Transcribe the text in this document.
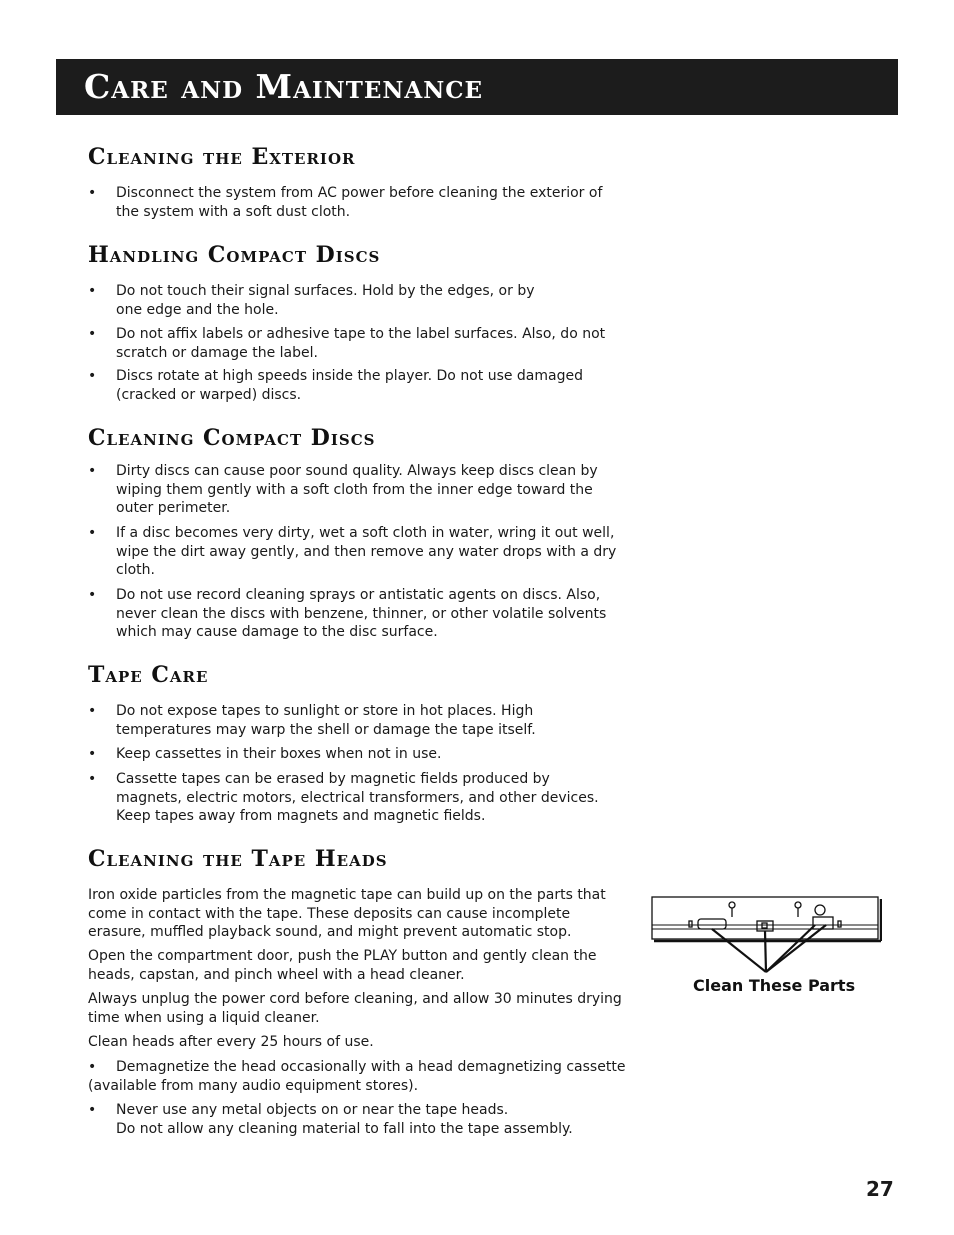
Care and Maintenance
Cleaning the Exterior
• Disconnect the system from AC power before cleaning the exterior of the system with a soft dust cloth.
Handling Compact Discs
• Do not touch their signal surfaces. Hold by the edges, or by one edge and the hole.
• Do not affix labels or adhesive tape to the label surfaces. Also, do not scratch or damage the label.
• Discs rotate at high speeds inside the player. Do not use damaged (cracked or warped) discs.
Cleaning Compact Discs
• Dirty discs can cause poor sound quality. Always keep discs clean by wiping them gently with a soft cloth from the inner edge toward the outer perimeter.
• If a disc becomes very dirty, wet a soft cloth in water, wring it out well, wipe the dirt away gently, and then remove any water drops with a dry cloth.
• Do not use record cleaning sprays or antistatic agents on discs. Also, never clean the discs with benzene, thinner, or other volatile solvents which may cause damage to the disc surface.
Tape Care
• Do not expose tapes to sunlight or store in hot places. High temperatures may warp the shell or damage the tape itself.
• Keep cassettes in their boxes when not in use.
• Cassette tapes can be erased by magnetic fields produced by magnets, electric motors, electrical transformers, and other devices. Keep tapes away from magnets and magnetic fields.
Cleaning the Tape Heads

Iron oxide particles from the magnetic tape can build up on the parts that come in contact with the tape. These deposits can cause incomplete erasure, muffled playback sound, and might prevent automatic stop.

Open the compartment door, push the PLAY button and gently clean the heads, capstan, and pinch wheel with a head cleaner.

Always unplug the power cord before cleaning, and allow 30 minutes drying time when using a liquid cleaner.

Clean heads after every 25 hours of use.

• Demagnetize the head occasionally with a head demagnetizing cassette (available from many audio equipment stores).
• Never use any metal objects on or near the tape heads.
Do not allow any cleaning material to fall into the tape assembly.
Clean These Parts
27
